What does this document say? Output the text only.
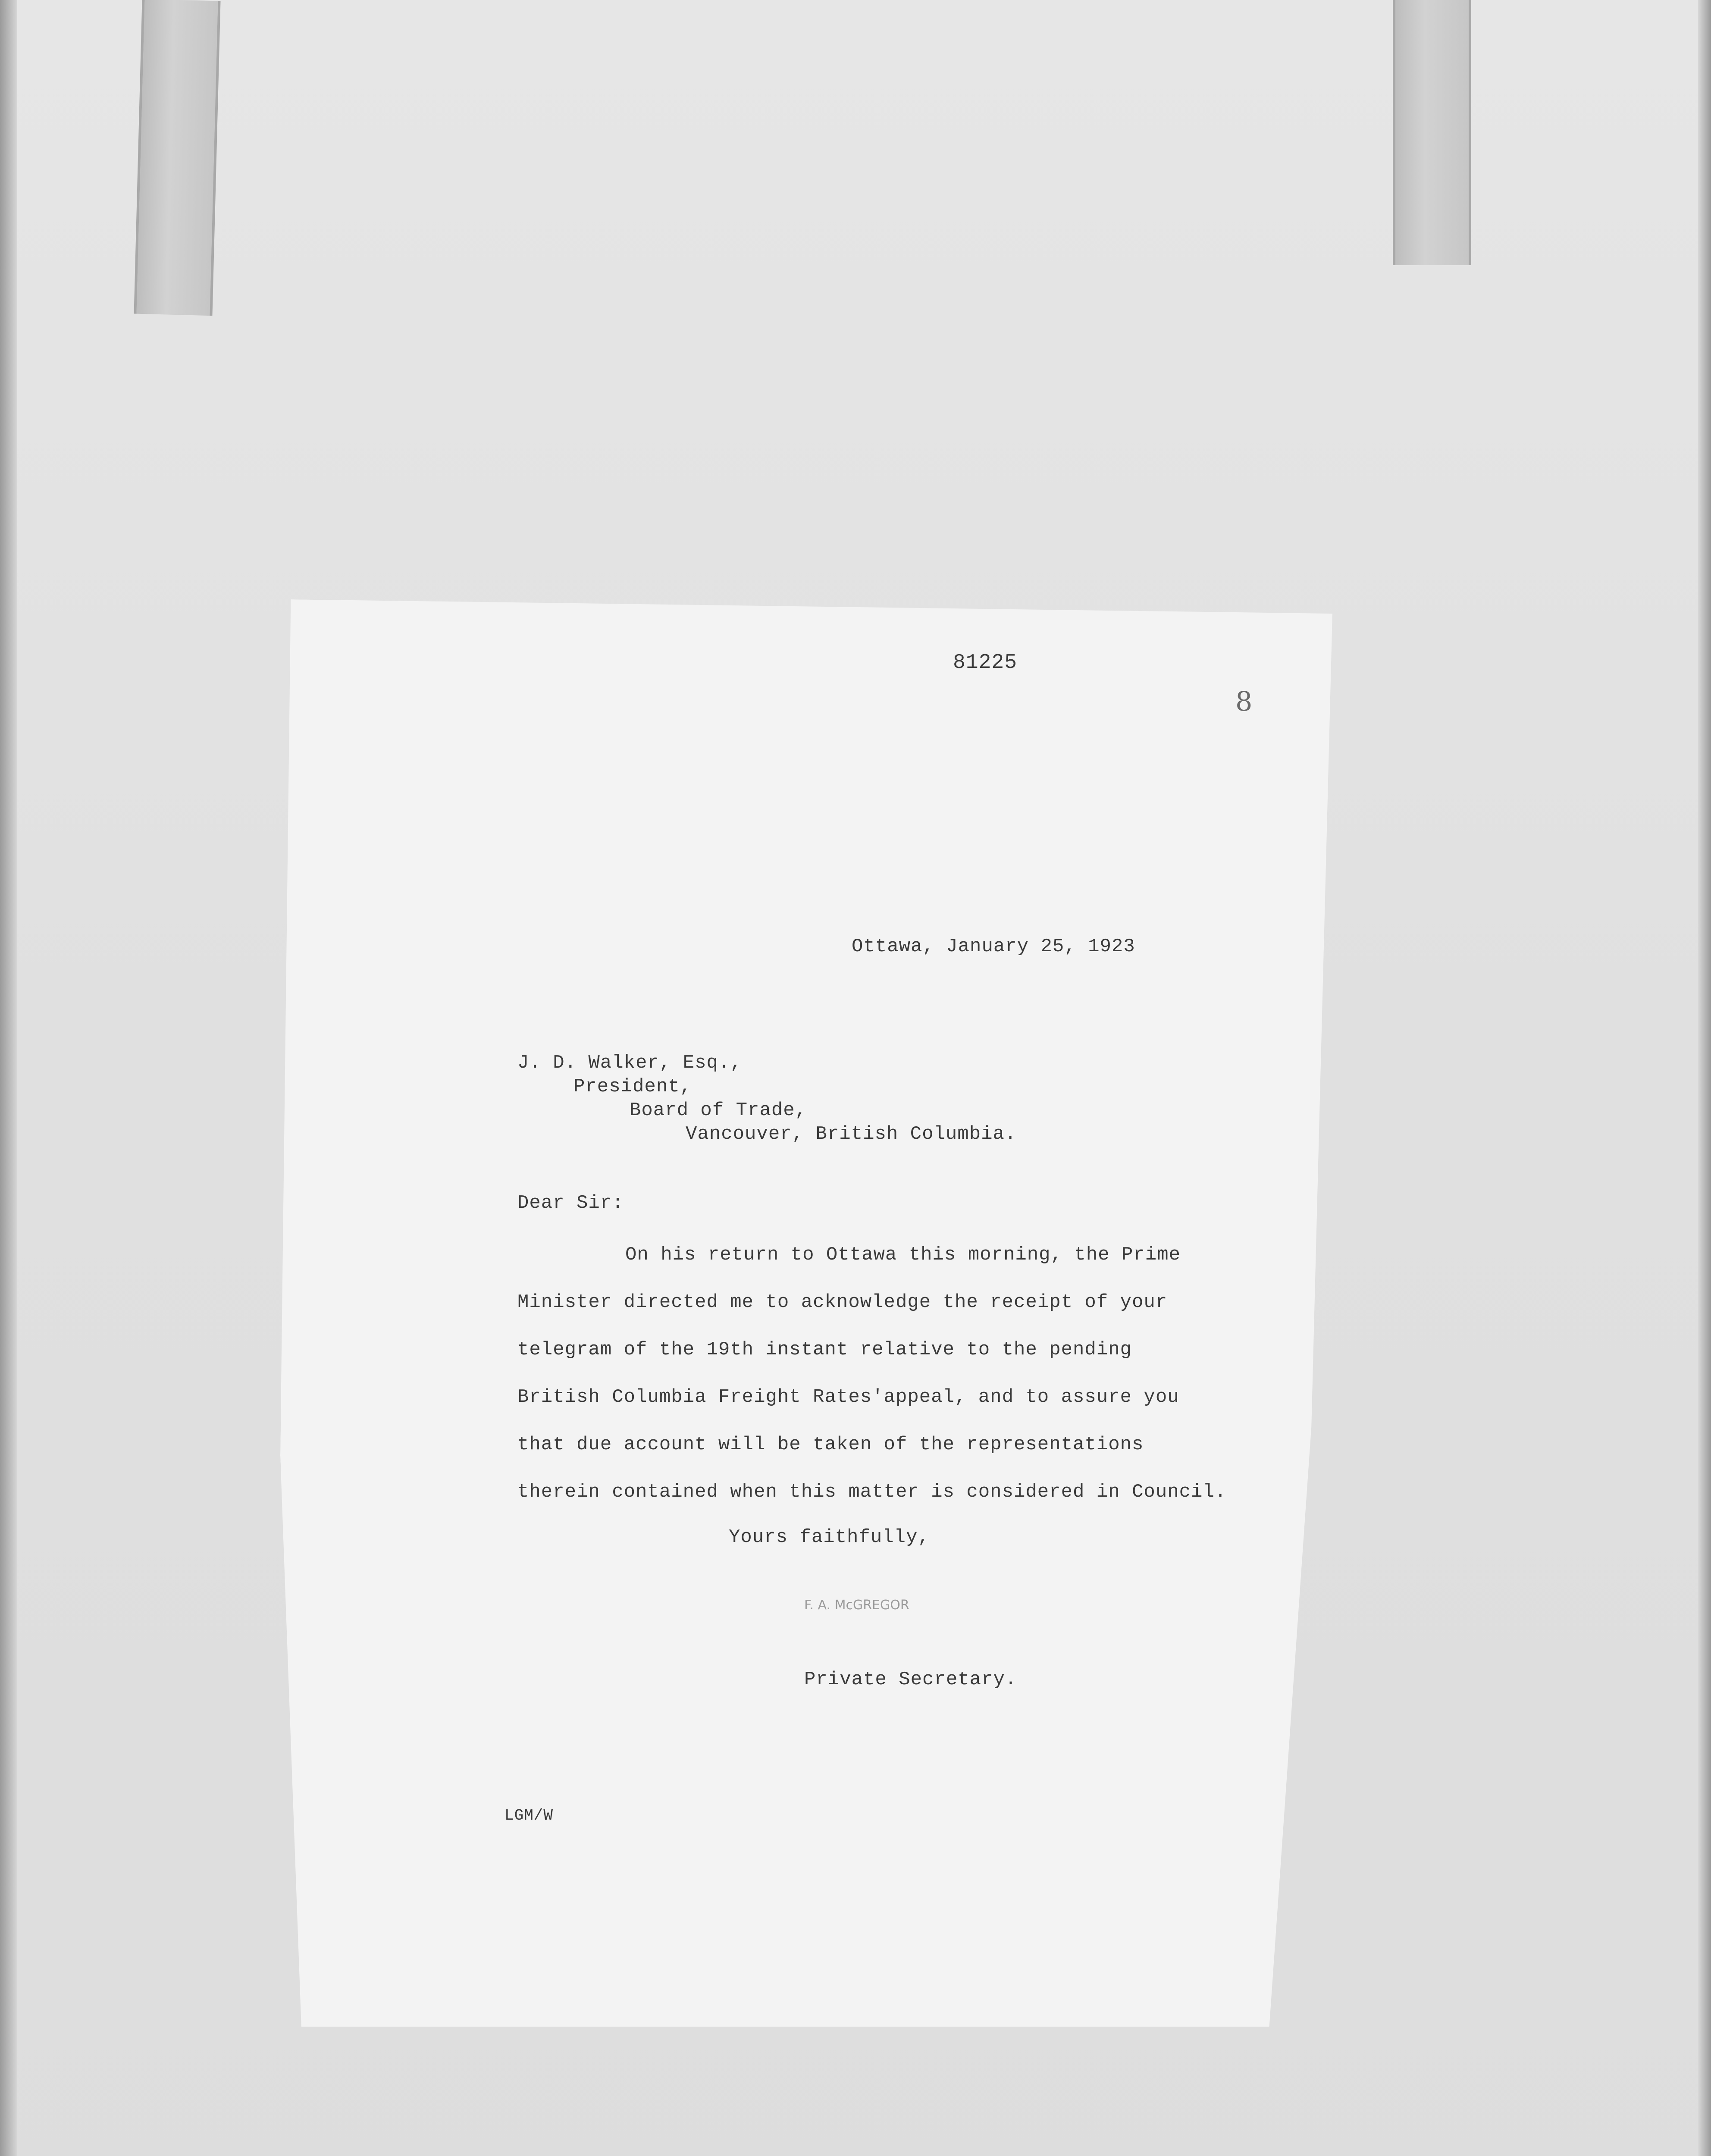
81225
8
Ottawa, January 25, 1923
J. D. Walker, Esq.,
President,
Board of Trade,
Vancouver, British Columbia.
Dear Sir:
On his return to Ottawa this morning, the Prime
Minister directed me to acknowledge the receipt of your
telegram of the 19th instant relative to the pending
British Columbia Freight Rates'appeal, and to assure you
that due account will be taken of the representations
therein contained when this matter is considered in Council.
Yours faithfully,
F. A. McGREGOR
Private Secretary.
LGM/W
